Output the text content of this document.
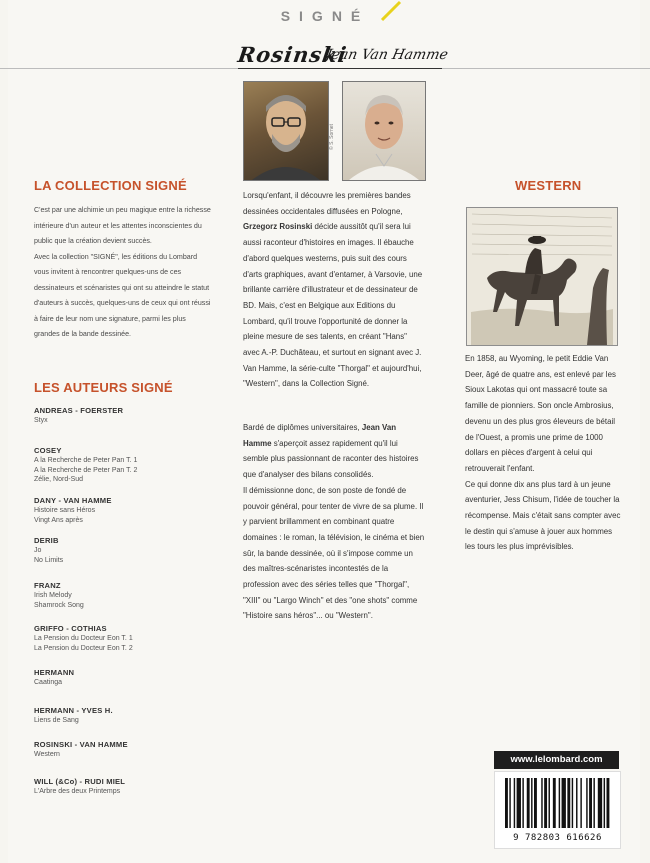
SIGNÉ
Rosinski
Jean Van Hamme
© S. Sornet
LA COLLECTION SIGNÉ

C'est par une alchimie un peu magique entre la richesse intérieure d'un auteur et les attentes inconscientes du public que la création devient succès.

Avec la collection "SIGNÉ", les éditions du Lombard vous invitent à rencontrer quelques-uns de ces dessinateurs et scénaristes qui ont su atteindre le statut d'auteurs à succès, quelques-uns de ceux qui ont réussi à faire de leur nom une signature, parmi les plus grandes de la bande dessinée.

LES AUTEURS SIGNÉ
ANDREAS - FOERSTER
Styx
COSEY
A la Recherche de Peter Pan T. 1
A la Recherche de Peter Pan T. 2
Zélie, Nord-Sud
DANY - VAN HAMME
Histoire sans Héros
Vingt Ans après
DERIB
Jo
No Limits
FRANZ
Irish Melody
Shamrock Song
GRIFFO - COTHIAS
La Pension du Docteur Eon T. 1
La Pension du Docteur Eon T. 2
HERMANN
Caatinga
HERMANN - YVES H.
Liens de Sang
ROSINSKI - VAN HAMME
Western
WILL (&Co) - RUDI MIEL
L'Arbre des deux Printemps

Lorsqu'enfant, il découvre les premières bandes dessinées occidentales diffusées en Pologne, Grzegorz Rosinski décide aussitôt qu'il sera lui aussi raconteur d'histoires en images. Il ébauche d'abord quelques westerns, puis suit des cours d'arts graphiques, avant d'entamer, à Varsovie, une brillante carrière d'illustrateur et de dessinateur de BD. Mais, c'est en Belgique aux Editions du Lombard, qu'il trouve l'opportunité de donner la pleine mesure de ses talents, en créant "Hans" avec A.-P. Duchâteau, et surtout en signant avec J. Van Hamme, la série-culte "Thorgal" et aujourd'hui, "Western", dans la Collection Signé.

Bardé de diplômes universitaires, Jean Van Hamme s'aperçoit assez rapidement qu'il lui semble plus passionnant de raconter des histoires que d'analyser des bilans consolidés.

Il démissionne donc, de son poste de fondé de pouvoir général, pour tenter de vivre de sa plume. Il y parvient brillamment en combinant quatre domaines : le roman, la télévision, le cinéma et bien sûr, la bande dessinée, où il s'impose comme un des maîtres-scénaristes incontestés de la profession avec des séries telles que "Thorgal", "XIII" ou "Largo Winch" et des "one shots" comme "Histoire sans héros"... ou "Western".

WESTERN

En 1858, au Wyoming, le petit Eddie Van Deer, âgé de quatre ans, est enlevé par les Sioux Lakotas qui ont massacré toute sa famille de pionniers. Son oncle Ambrosius, devenu un des plus gros éleveurs de bétail de l'Ouest, a promis une prime de 1000 dollars en pièces d'argent à celui qui retrouverait l'enfant.

Ce qui donne dix ans plus tard à un jeune aventurier, Jess Chisum, l'idée de toucher la récompense. Mais c'était sans compter avec le destin qui s'amuse à jouer aux hommes les tours les plus imprévisibles.

www.lelombard.com
9 782803 616626
